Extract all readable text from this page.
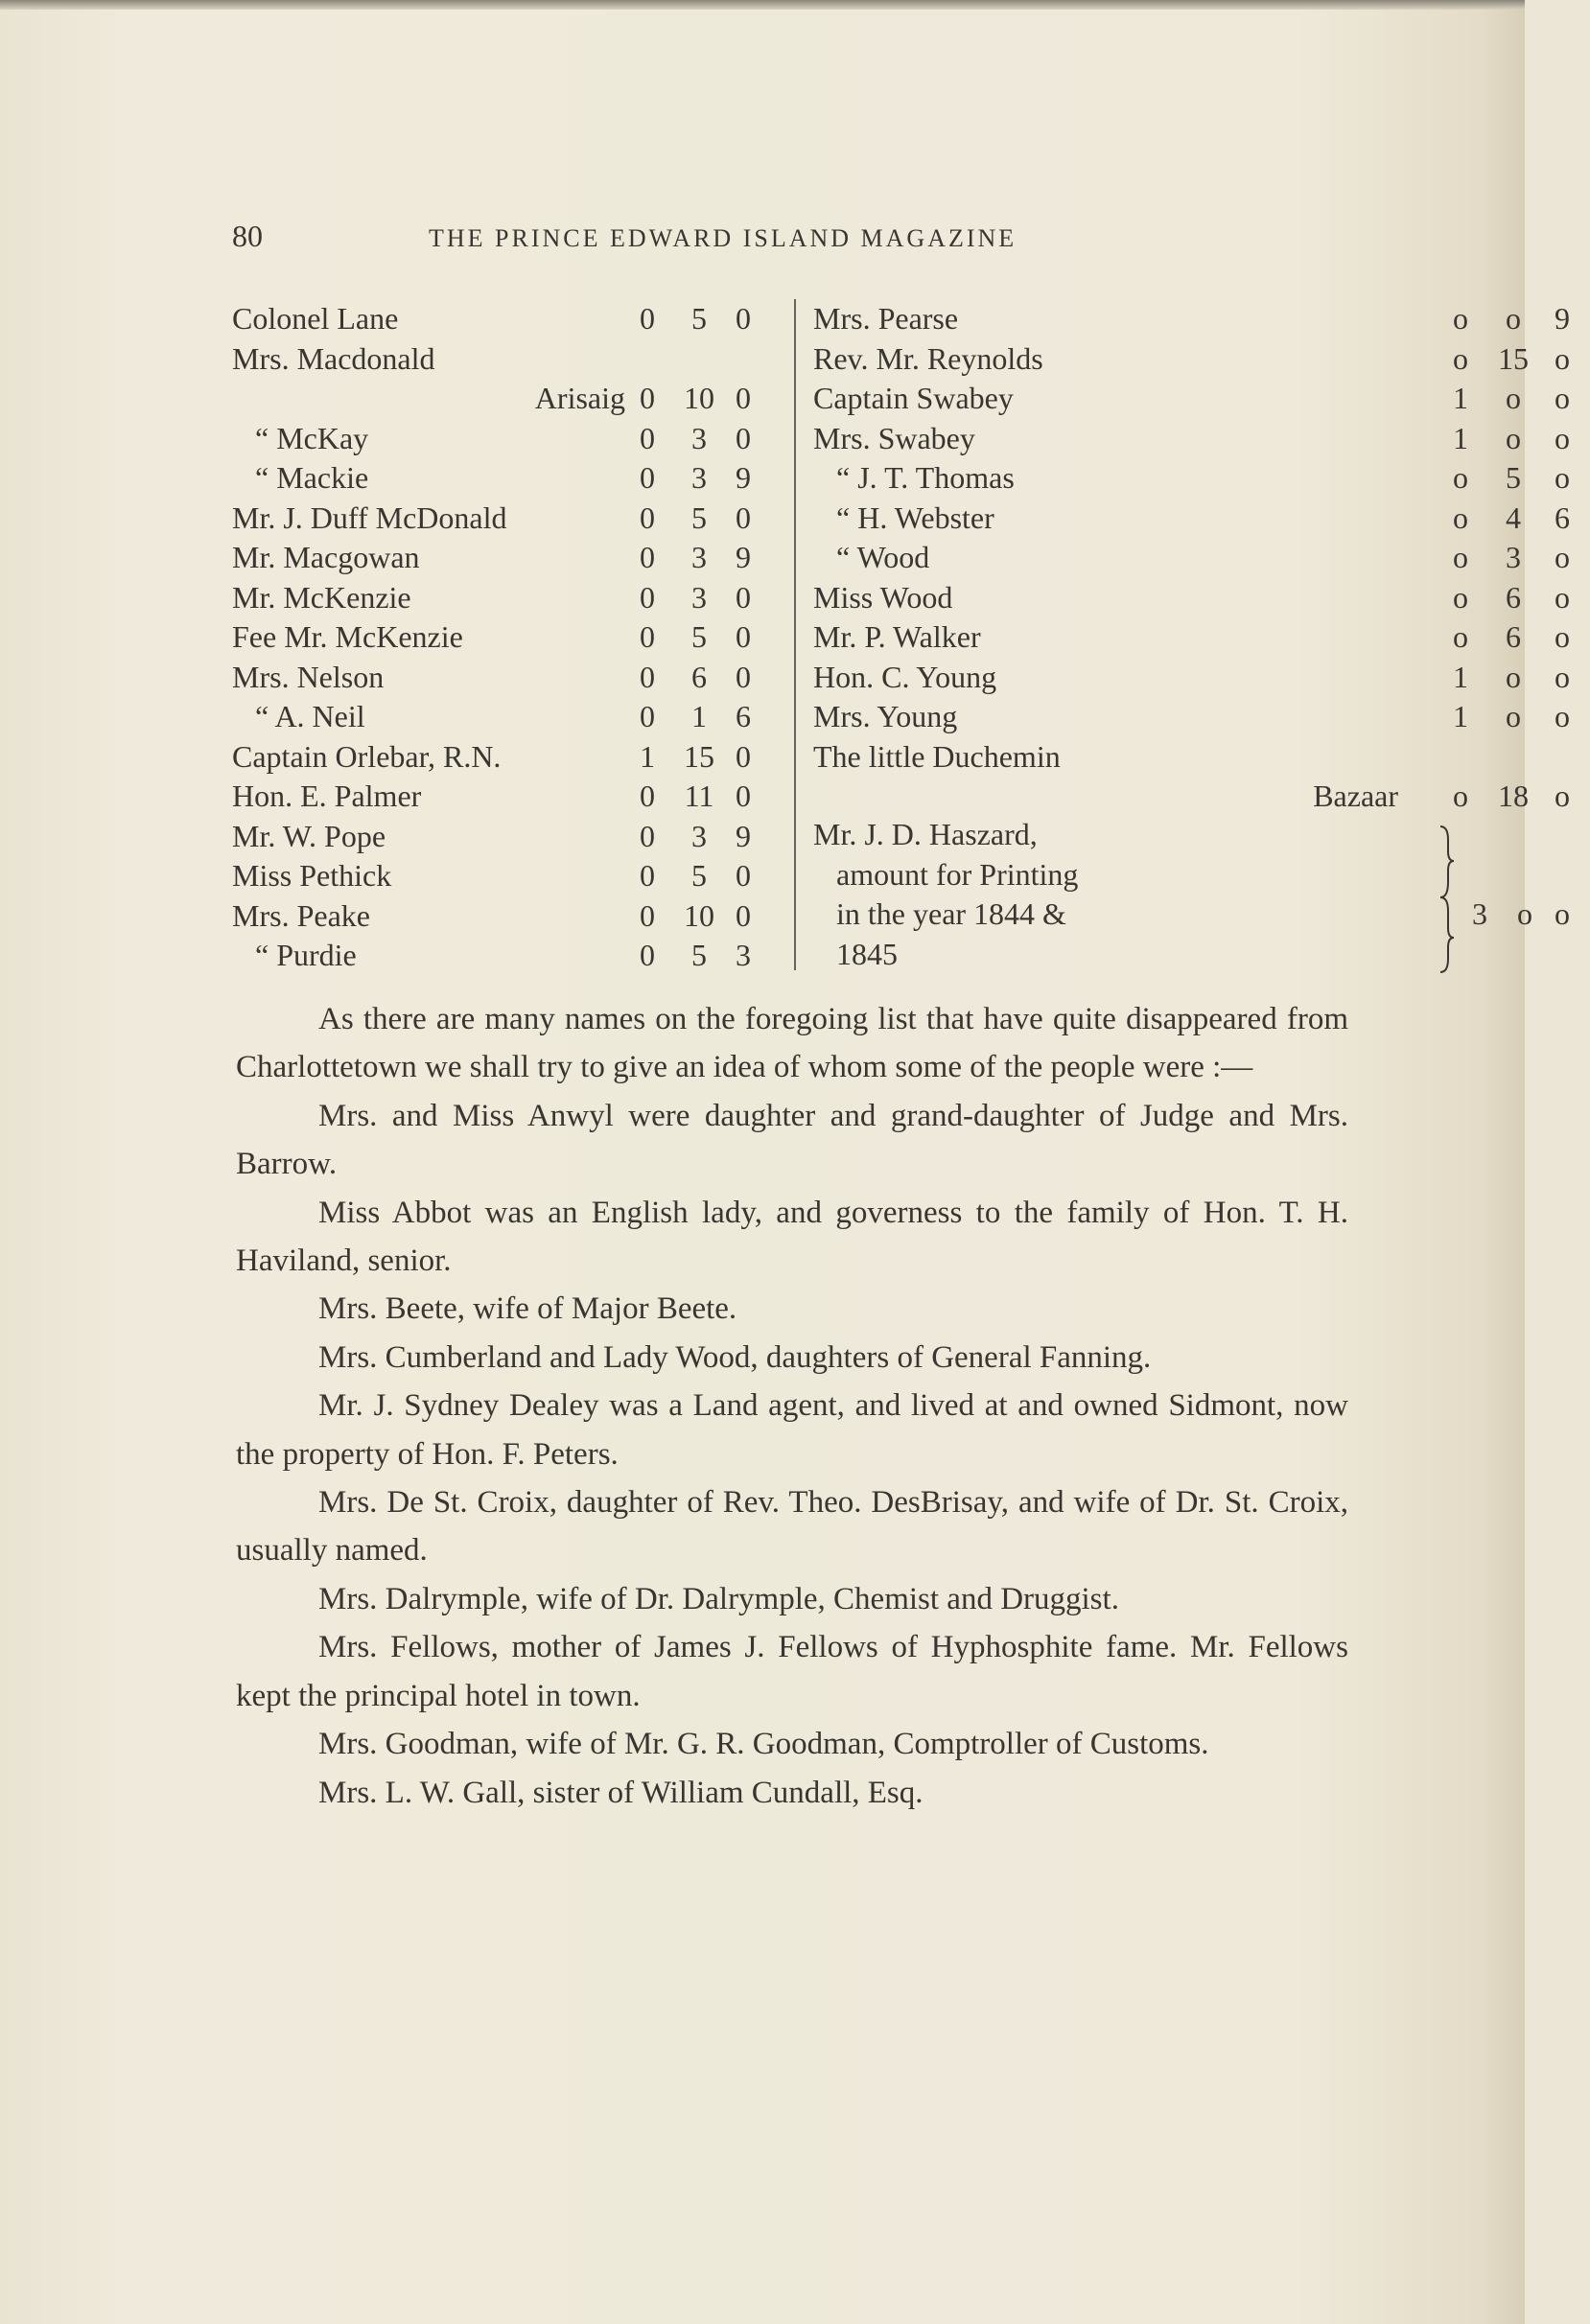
80	THE PRINCE EDWARD ISLAND MAGAZINE
Colonel Lane	0	5 0
Mrs. Macdonald
Arisaig 0 10 0
“ McKay	0	3 0
“ Mackie	0	3 9
Mr. J. Duff McDonald	0	5 0
Mr. Macgowan	0	3 9
Mr. McKenzie	0	3 0
Fee Mr. McKenzie	0	5 0
Mrs. Nelson	0	6 0
“ A. Neil	0	1 6
Captain Orlebar, R.N.	1 15 0
Hon. E. Palmer	0 11 0
Mr. W. Pope	0	3 9
Miss Pethick	0	5 0
Mrs. Peake	0 10 0
“ Purdie	0	5 3
Mrs. Pearse	o	o	9
Rev. Mr. Reynolds	o 15 o
Captain Swabey	1	o	o
Mrs. Swabey	1	o	o
“ J. T. Thomas	o	5	o
“ H. Webster	o	4	6
“ Wood	o	3	o
Miss Wood	o	6	o
Mr. P. Walker	o	6	o
Hon. C. Young	1	o	o
Mrs. Young	1	o	o
The little Duchemin
Bazaar o 18 o
Mr. J. D. Haszard,
amount for Printing
in the year 1844 &
1845
3 o o

As there are many names on the foregoing list that have quite disappeared from Charlottetown we shall try to give an idea of whom some of the people were :—

Mrs. and Miss Anwyl were daughter and grand-daughter of Judge and Mrs. Barrow.

Miss Abbot was an English lady, and governess to the family of Hon. T. H. Haviland, senior.

Mrs. Beete, wife of Major Beete.

Mrs. Cumberland and Lady Wood, daughters of General Fanning.

Mr. J. Sydney Dealey was a Land agent, and lived at and owned Sidmont, now the property of Hon. F. Peters.

Mrs. De St. Croix, daughter of Rev. Theo. DesBrisay, and wife of Dr. St. Croix, usually named.

Mrs. Dalrymple, wife of Dr. Dalrymple, Chemist and Druggist.

Mrs. Fellows, mother of James J. Fellows of Hyphosphite fame. Mr. Fellows kept the principal hotel in town.

Mrs. Goodman, wife of Mr. G. R. Goodman, Comptroller of Customs.

Mrs. L. W. Gall, sister of William Cundall, Esq.
